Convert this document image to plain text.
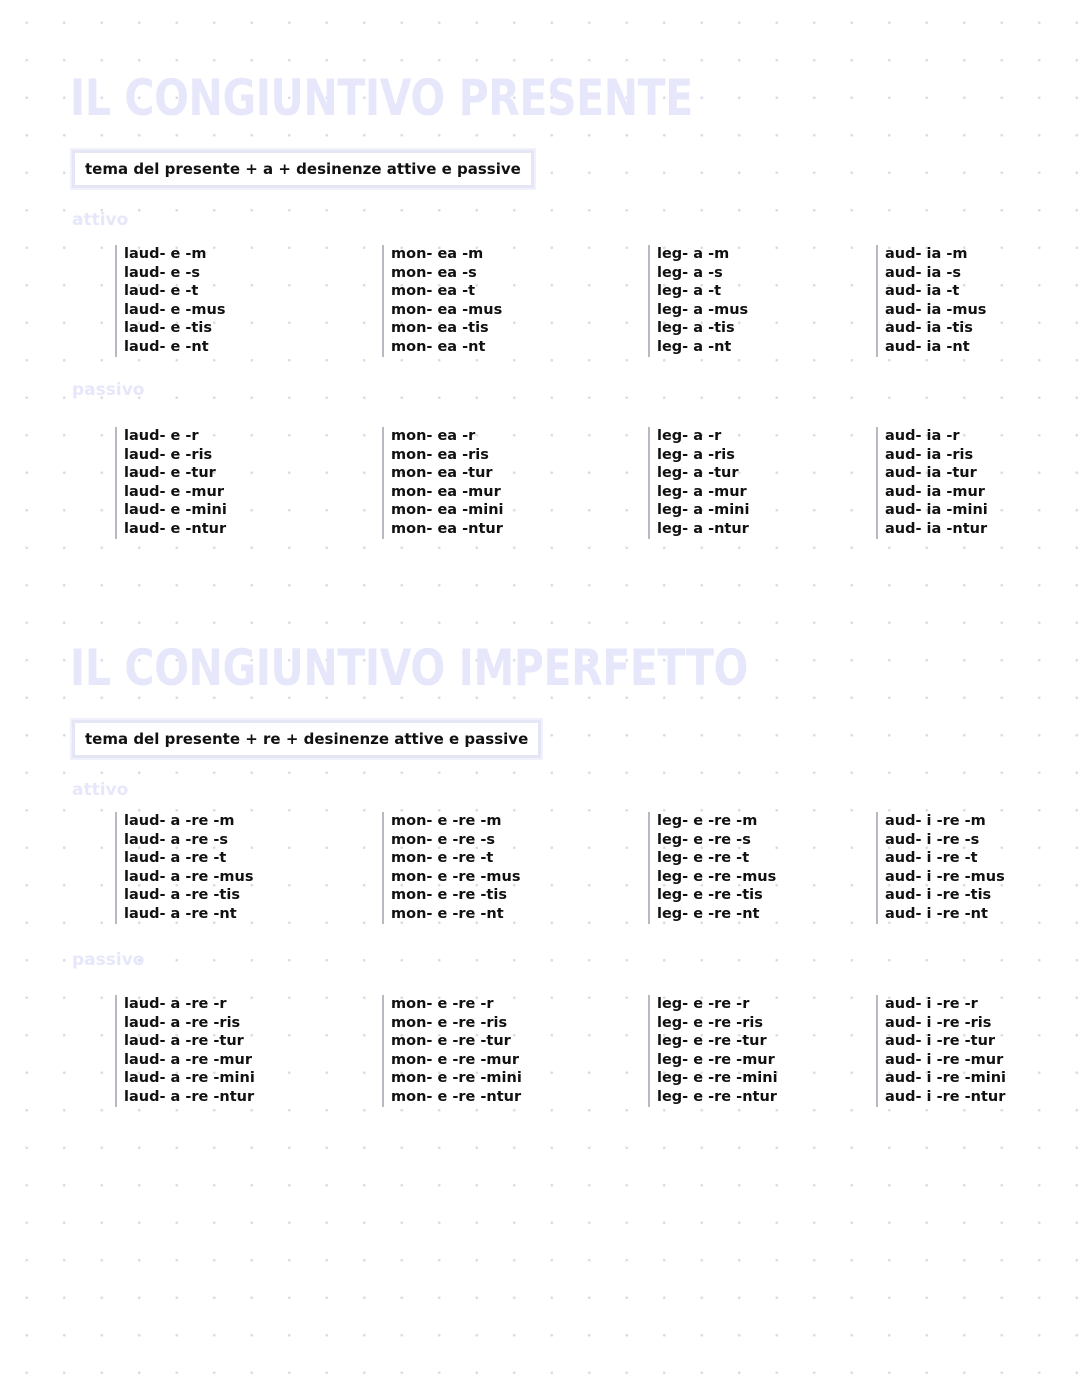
IL CONGIUNTIVO PRESENTE
tema del presente + a + desinenze attive e passive
attivo
laud- e -m
laud- e -s
laud- e -t
laud- e -mus
laud- e -tis
laud- e -nt
mon- ea -m
mon- ea -s
mon- ea -t
mon- ea -mus
mon- ea -tis
mon- ea -nt
leg- a -m
leg- a -s
leg- a -t
leg- a -mus
leg- a -tis
leg- a -nt
aud- ia -m
aud- ia -s
aud- ia -t
aud- ia -mus
aud- ia -tis
aud- ia -nt
passivo
laud- e -r
laud- e -ris
laud- e -tur
laud- e -mur
laud- e -mini
laud- e -ntur
mon- ea -r
mon- ea -ris
mon- ea -tur
mon- ea -mur
mon- ea -mini
mon- ea -ntur
leg- a -r
leg- a -ris
leg- a -tur
leg- a -mur
leg- a -mini
leg- a -ntur
aud- ia -r
aud- ia -ris
aud- ia -tur
aud- ia -mur
aud- ia -mini
aud- ia -ntur
IL CONGIUNTIVO IMPERFETTO
tema del presente + re + desinenze attive e passive
attivo
laud- a -re -m
laud- a -re -s
laud- a -re -t
laud- a -re -mus
laud- a -re -tis
laud- a -re -nt
mon- e -re -m
mon- e -re -s
mon- e -re -t
mon- e -re -mus
mon- e -re -tis
mon- e -re -nt
leg- e -re -m
leg- e -re -s
leg- e -re -t
leg- e -re -mus
leg- e -re -tis
leg- e -re -nt
aud- i -re -m
aud- i -re -s
aud- i -re -t
aud- i -re -mus
aud- i -re -tis
aud- i -re -nt
passivo
laud- a -re -r
laud- a -re -ris
laud- a -re -tur
laud- a -re -mur
laud- a -re -mini
laud- a -re -ntur
mon- e -re -r
mon- e -re -ris
mon- e -re -tur
mon- e -re -mur
mon- e -re -mini
mon- e -re -ntur
leg- e -re -r
leg- e -re -ris
leg- e -re -tur
leg- e -re -mur
leg- e -re -mini
leg- e -re -ntur
aud- i -re -r
aud- i -re -ris
aud- i -re -tur
aud- i -re -mur
aud- i -re -mini
aud- i -re -ntur
